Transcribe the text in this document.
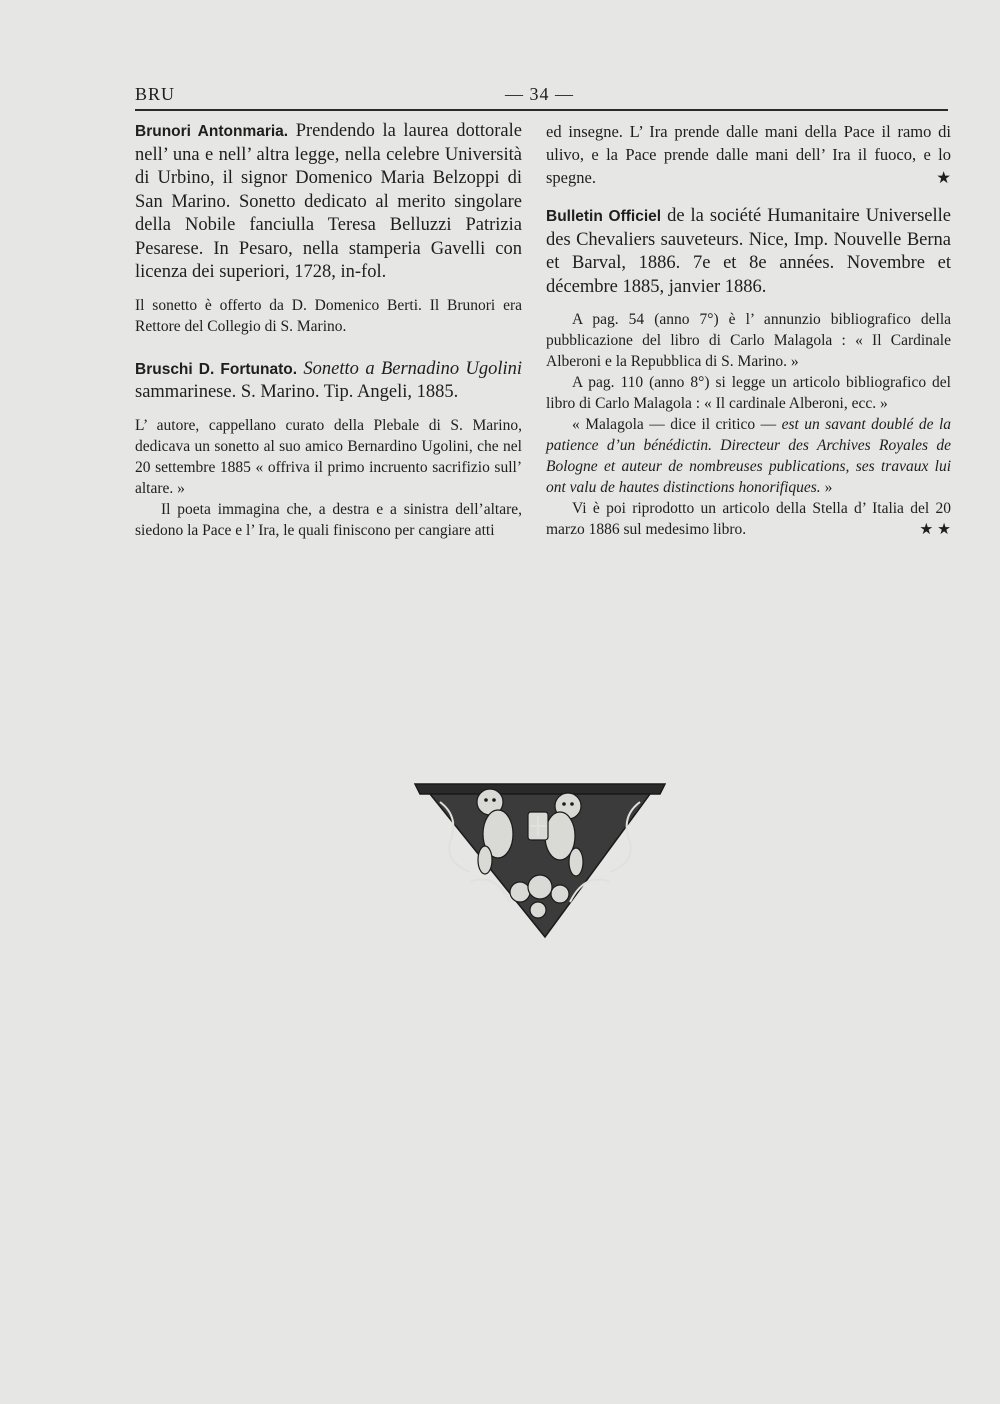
BRU	— 34 —

Brunori Antonmaria. Prendendo la laurea dottorale nell’ una e nell’ altra legge, nella celebre Università di Urbino, il signor Domenico Maria Belzoppi di San Marino. Sonetto dedicato al merito singolare della Nobile fanciulla Teresa Belluzzi Patrizia Pesarese. In Pesaro, nella stamperia Gavelli con licenza dei superiori, 1728, in-fol.

Il sonetto è offerto da D. Domenico Berti. Il Brunori era Rettore del Collegio di S. Marino.

Bruschi D. Fortunato. Sonetto a Bernadino Ugolini sammarinese. S. Marino. Tip. Angeli, 1885.

L’ autore, cappellano curato della Plebale di S. Marino, dedicava un sonetto al suo amico Bernardino Ugolini, che nel 20 settembre 1885 « offriva il primo incruento sacrifizio sull’ altare. »

Il poeta immagina che, a destra e a sinistra dell’altare, siedono la Pace e l’ Ira, le quali finiscono per cangiare atti

ed insegne. L’ Ira prende dalle mani della Pace il ramo di ulivo, e la Pace prende dalle mani dell’ Ira il fuoco, e lo spegne.	★

Bulletin Officiel de la société Humanitaire Universelle des Chevaliers sauveteurs. Nice, Imp. Nouvelle Berna et Barval, 1886. 7e et 8e années. Novembre et décembre 1885, janvier 1886.

A pag. 54 (anno 7°) è l’ annunzio bibliografico della pubblicazione del libro di Carlo Malagola : « Il Cardinale Alberoni e la Repubblica di S. Marino. »

A pag. 110 (anno 8°) si legge un articolo bibliografico del libro di Carlo Malagola : « Il cardinale Alberoni, ecc. »

« Malagola — dice il critico — est un savant doublé de la patience d’un bénédictin. Directeur des Archives Royales de Bologne et auteur de nombreuses publications, ses travaux lui ont valu de hautes distinctions honorifiques. »

Vi è poi riprodotto un articolo della Stella d’ Italia del 20 marzo 1886 sul medesimo libro.	★ ★
